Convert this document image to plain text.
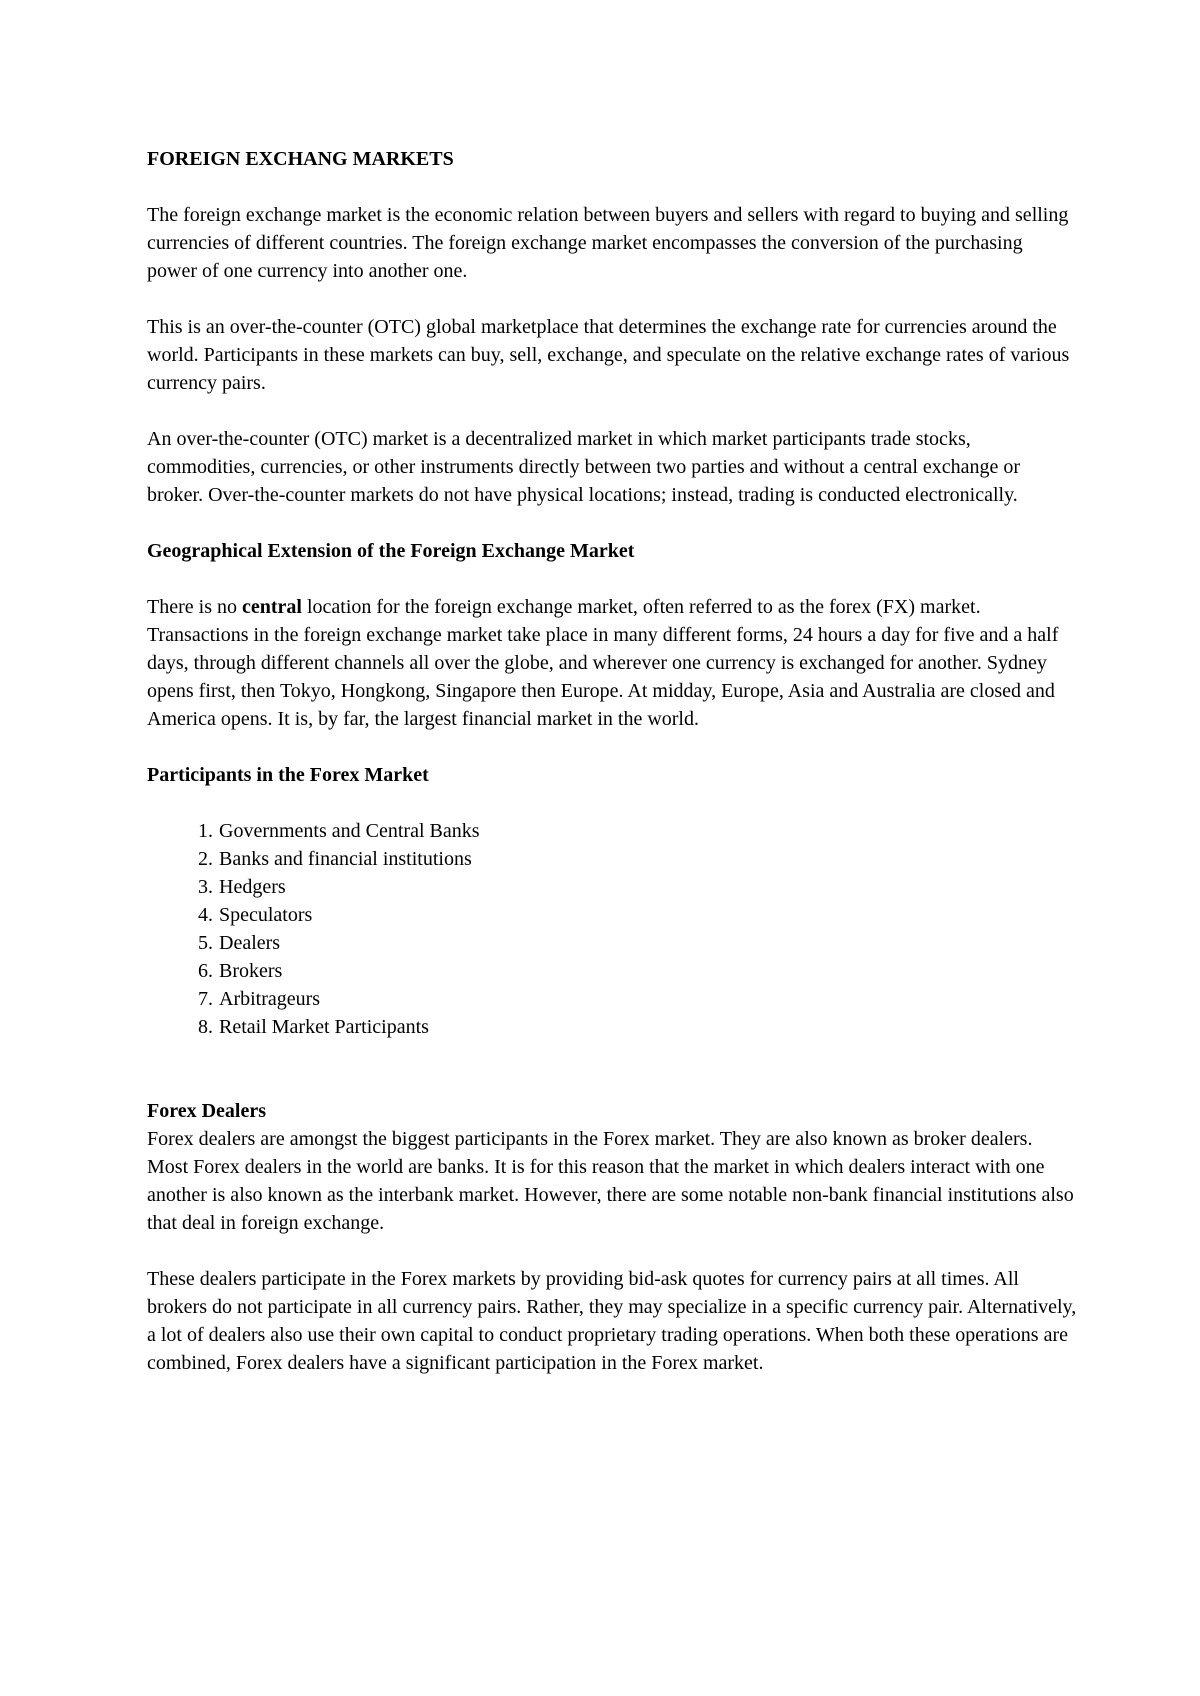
FOREIGN EXCHANG MARKETS

The foreign exchange market is the economic relation between buyers and sellers with regard to buying and selling currencies of different countries. The foreign exchange market encompasses the conversion of the purchasing power of one currency into another one.

This is an over-the-counter (OTC) global marketplace that determines the exchange rate for currencies around the world. Participants in these markets can buy, sell, exchange, and speculate on the relative exchange rates of various currency pairs.

An over-the-counter (OTC) market is a decentralized market in which market participants trade stocks, commodities, currencies, or other instruments directly between two parties and without a central exchange or broker. Over-the-counter markets do not have physical locations; instead, trading is conducted electronically.

Geographical Extension of the Foreign Exchange Market

There is no central location for the foreign exchange market, often referred to as the forex (FX) market. Transactions in the foreign exchange market take place in many different forms, 24 hours a day for five and a half days, through different channels all over the globe, and wherever one currency is exchanged for another. Sydney opens first, then Tokyo, Hongkong, Singapore then Europe. At midday, Europe, Asia and Australia are closed and America opens. It is, by far, the largest financial market in the world.

Participants in the Forex Market

1. Governments and Central Banks
2. Banks and financial institutions
3. Hedgers
4. Speculators
5. Dealers
6. Brokers
7. Arbitrageurs
8. Retail Market Participants

Forex Dealers

Forex dealers are amongst the biggest participants in the Forex market. They are also known as broker dealers. Most Forex dealers in the world are banks. It is for this reason that the market in which dealers interact with one another is also known as the interbank market. However, there are some notable non-bank financial institutions also that deal in foreign exchange.

These dealers participate in the Forex markets by providing bid-ask quotes for currency pairs at all times. All brokers do not participate in all currency pairs. Rather, they may specialize in a specific currency pair. Alternatively, a lot of dealers also use their own capital to conduct proprietary trading operations. When both these operations are combined, Forex dealers have a significant participation in the Forex market.
